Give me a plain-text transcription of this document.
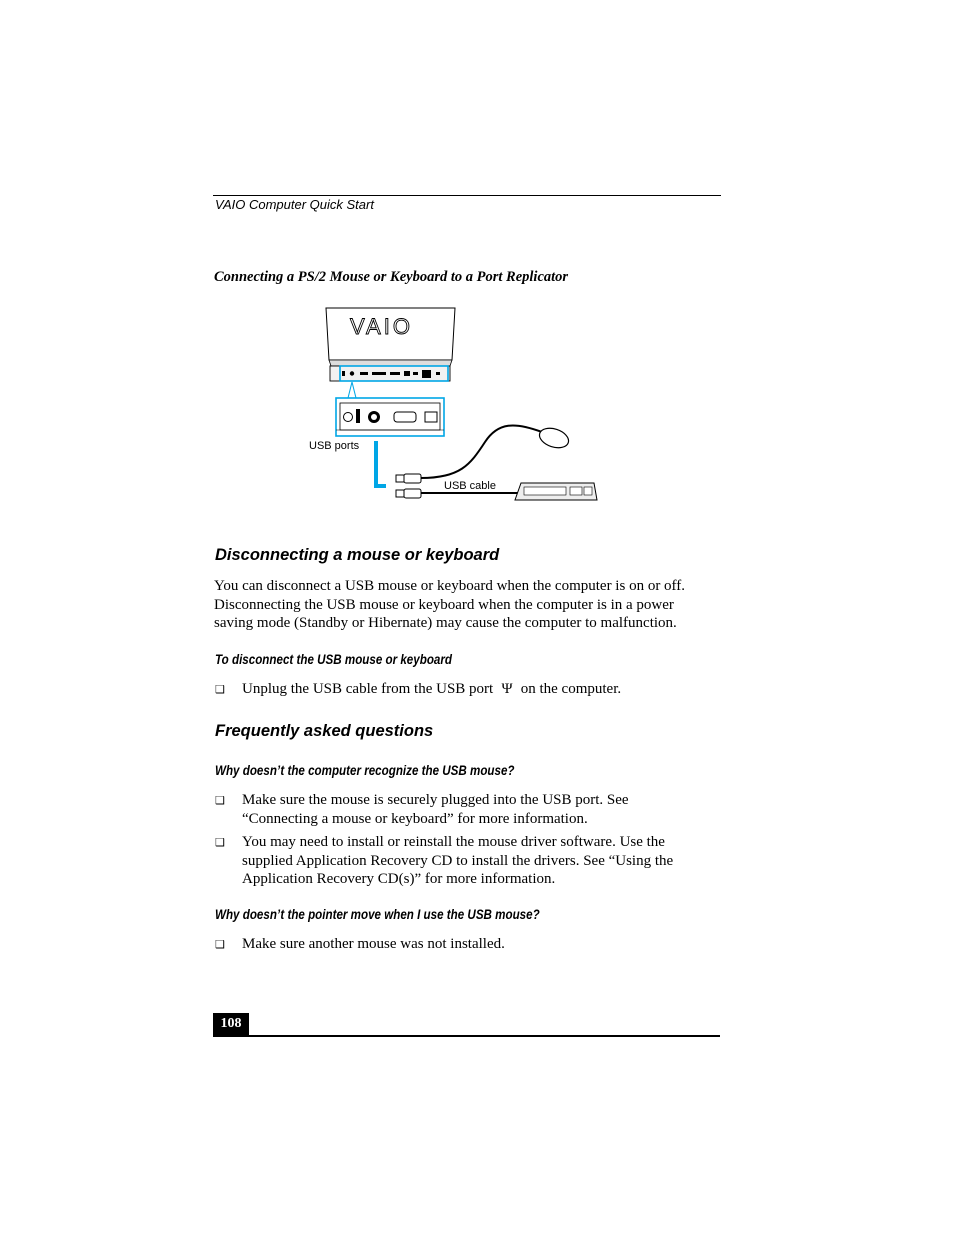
VAIO Computer Quick Start
Connecting a PS/2 Mouse or Keyboard to a Port Replicator
VAIO
USB ports
USB cable
Disconnecting a mouse or keyboard
You can disconnect a USB mouse or keyboard when the computer is on or off.
Disconnecting the USB mouse or keyboard when the computer is in a power
saving mode (Standby or Hibernate) may cause the computer to malfunction.
To disconnect the USB mouse or keyboard
❑ Unplug the USB cable from the USB port Ψ on the computer.
Frequently asked questions
Why doesn’t the computer recognize the USB mouse?
❑ Make sure the mouse is securely plugged into the USB port. See
“Connecting a mouse or keyboard” for more information.
❑ You may need to install or reinstall the mouse driver software. Use the
supplied Application Recovery CD to install the drivers. See “Using the
Application Recovery CD(s)” for more information.
Why doesn’t the pointer move when I use the USB mouse?
❑ Make sure another mouse was not installed.
108
